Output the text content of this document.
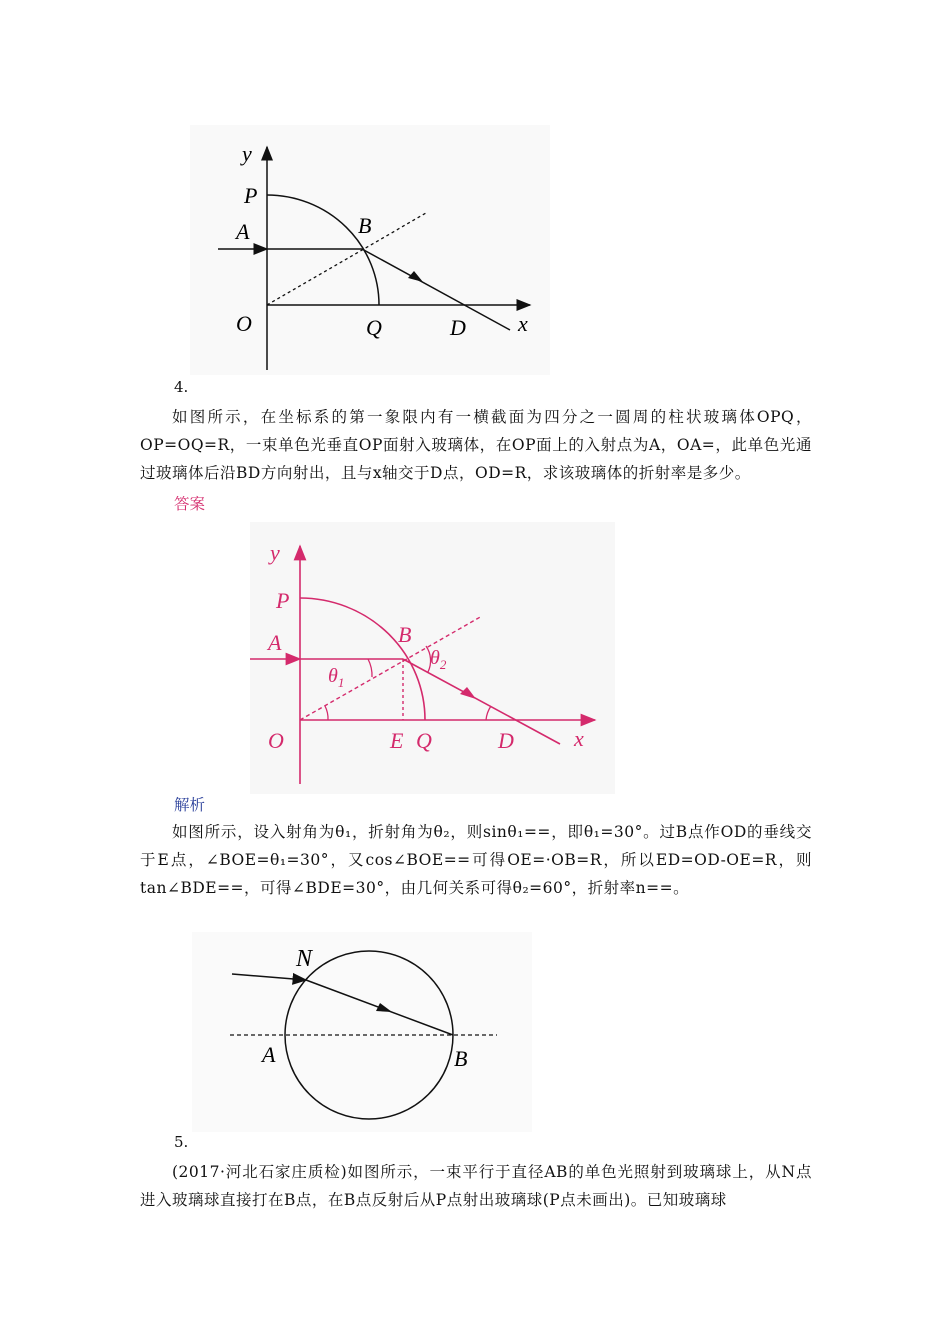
y
P
A	B
O	Q	D x
4.
如图所示，在坐标系的第一象限内有一横截面为四分之一圆周的柱状玻璃体OPQ，OP=OQ=R，一束单色光垂直OP面射入玻璃体，在OP面上的入射点为A，OA=，此单色光通过玻璃体后沿BD方向射出，且与x轴交于D点，OD=R，求该玻璃体的折射率是多少。
答案
y
P
A	B
$\theta_1$
$\theta_2$
O	E Q	D	x
解析
如图所示，设入射角为θ₁，折射角为θ₂，则sinθ₁==，即θ₁=30°。过B点作OD的垂线交于E点，∠BOE=θ₁=30°，又cos∠BOE==可得OE=·OB=R，所以ED=OD-OE=R，则tan∠BDE==，可得∠BDE=30°，由几何关系可得θ₂=60°，折射率n==。
N
A	B
5.
(2017·河北石家庄质检)如图所示，一束平行于直径AB的单色光照射到玻璃球上，从N点进入玻璃球直接打在B点，在B点反射后从P点射出玻璃球(P点未画出)。已知玻璃球
